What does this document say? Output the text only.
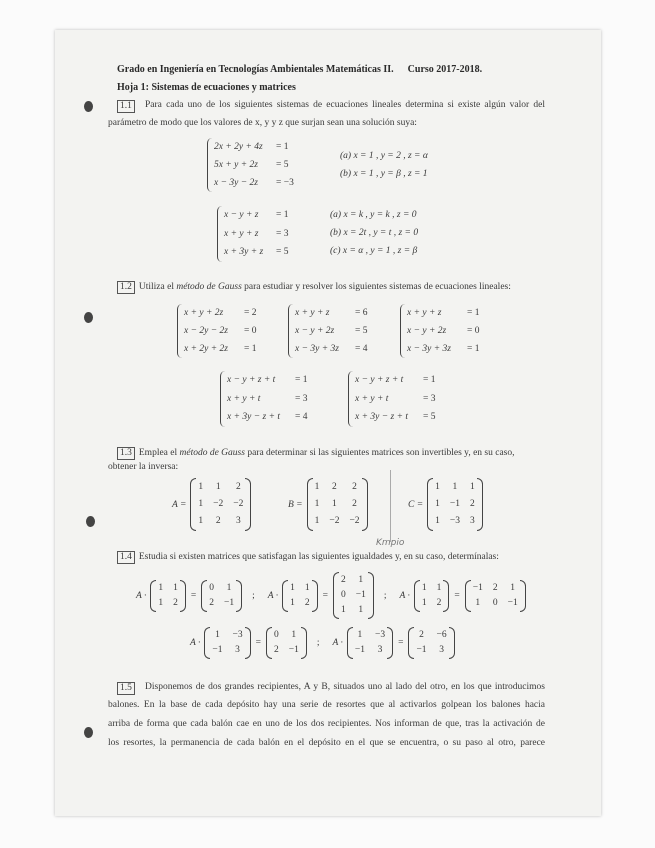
Grado en Ingeniería en Tecnologías Ambientales Matemáticas II. Curso 2017-2018.
Hoja 1: Sistemas de ecuaciones y matrices
1.1	Para cada uno de los siguientes sistemas de ecuaciones lineales determina si existe algún valor del
parámetro de modo que los valores de x, y y z que surjan sean una solución suya:
2x + 2y + 4z	= 1
5x + y + 2z	= 5
x − 3y − 2z	= −3
(a) x = 1 , y = 2 , z = α
(b) x = 1 , y = β , z = 1
x − y + z	= 1
x + y + z	= 3
x + 3y + z	= 5
(a) x = k , y = k , z = 0
(b) x = 2t , y = t , z = 0
(c) x = α , y = 1 , z = β
1.2 Utiliza el método de Gauss para estudiar y resolver los siguientes sistemas de ecuaciones lineales:
x + y + 2z	= 2
x − 2y − 2z	= 0
x + 2y + 2z	= 1
x + y + z	= 6
x − y + 2z	= 5
x − 3y + 3z	= 4
x + y + z	= 1
x − y + 2z	= 0
x − 3y + 3z	= 1
x − y + z + t	= 1
x + y + t	= 3
x + 3y − z + t	= 4
x − y + z + t	= 1
x + y + t	= 3
x + 3y − z + t	= 5
1.3 Emplea el método de Gauss para determinar si las siguientes matrices son invertibles y, en su caso,
obtener la inversa:
A =
1 1 2
1 −2 −2
1 2 3
B =
1 2 2
1 1 2
1 −2 −2
C =
1 1 1
1 −1 2
1 −3 3
Kmpio
1.4 Estudia si existen matrices que satisfagan las siguientes igualdades y, en su caso, determínalas:
A ·
1 1
1 2
=
0 1
2 −1
; A ·
1 1
1 2
=
2 1
0 −1
1 1
; A ·
1 1
1 2
=
−1 2 1
1 0 −1
A ·
1 −3
−1 3
=
0 1
2 −1
; A ·
1 −3
−1 3
=
2 −6
−1 3
1.5	Disponemos de dos grandes recipientes, A y B, situados uno al lado del otro, en los que introducimos
balones. En la base de cada depósito hay una serie de resortes que al activarlos golpean los balones hacia
arriba de forma que cada balón cae en uno de los dos recipientes. Nos informan de que, tras la activación de
los resortes, la permanencia de cada balón en el depósito en el que se encuentra, o su paso al otro, parece
